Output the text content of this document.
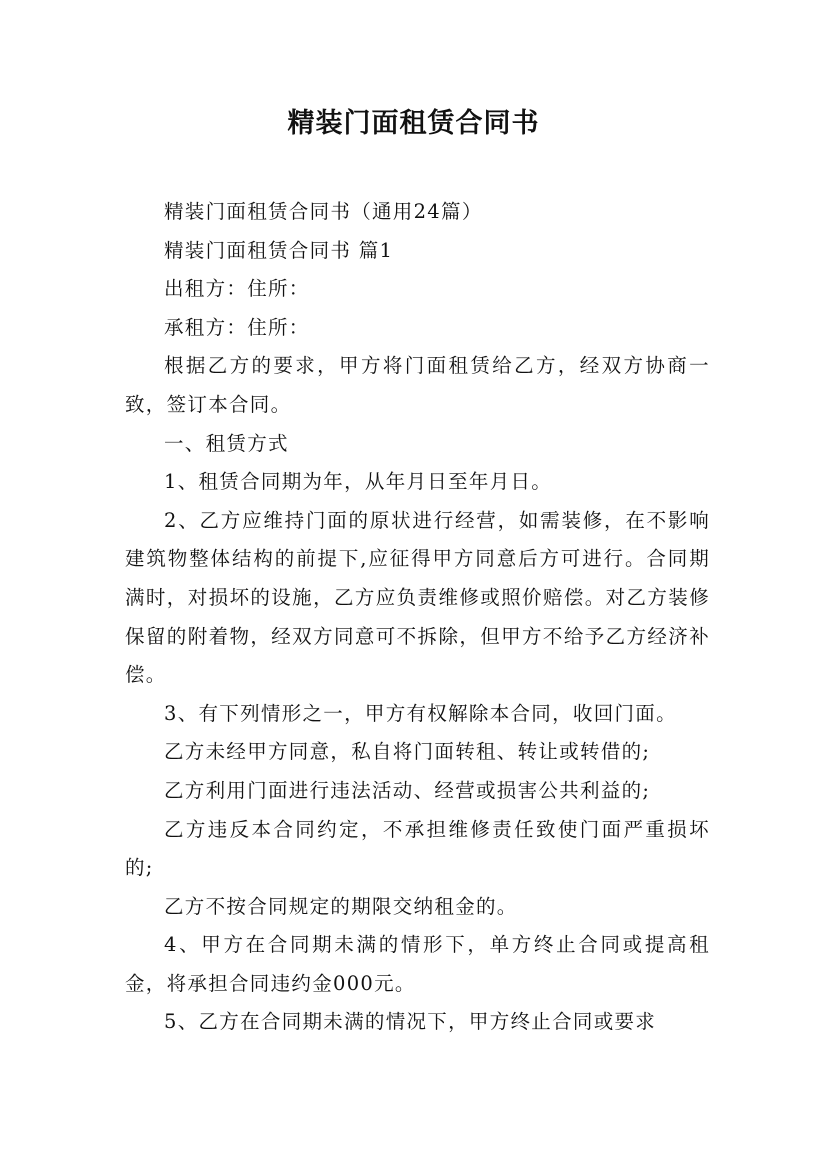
精装门面租赁合同书

精装门面租赁合同书（通用24篇）

精装门面租赁合同书 篇1

出租方：住所：

承租方：住所：

根据乙方的要求，甲方将门面租赁给乙方，经双方协商一致，签订本合同。

一、租赁方式

1、租赁合同期为年，从年月日至年月日。

2、乙方应维持门面的原状进行经营，如需装修，在不影响建筑物整体结构的前提下,应征得甲方同意后方可进行。合同期满时，对损坏的设施，乙方应负责维修或照价赔偿。对乙方装修保留的附着物，经双方同意可不拆除，但甲方不给予乙方经济补偿。

3、有下列情形之一，甲方有权解除本合同，收回门面。

乙方未经甲方同意，私自将门面转租、转让或转借的;

乙方利用门面进行违法活动、经营或损害公共利益的;

乙方违反本合同约定，不承担维修责任致使门面严重损坏的;

乙方不按合同规定的期限交纳租金的。

4、甲方在合同期未满的情形下，单方终止合同或提高租金，将承担合同违约金000元。

5、乙方在合同期未满的情况下，甲方终止合同或要求
